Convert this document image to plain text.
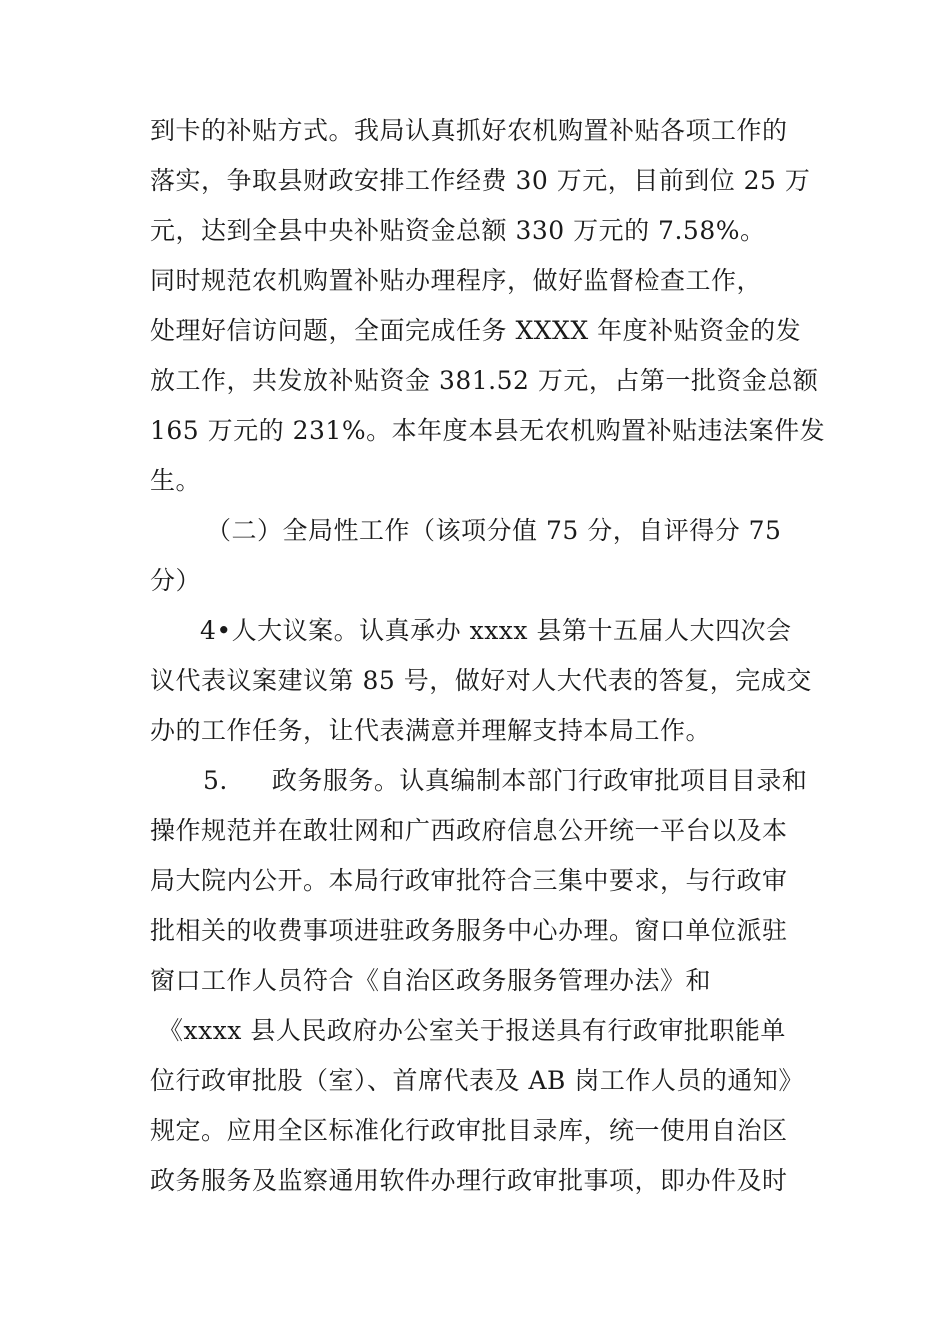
到卡的补贴方式。我局认真抓好农机购置补贴各项工作的
落实，争取县财政安排工作经费 30 万元，目前到位 25 万
元，达到全县中央补贴资金总额 330 万元的 7.58%。
同时规范农机购置补贴办理程序，做好监督检查工作，
处理好信访问题，全面完成任务 XXXX 年度补贴资金的发
放工作，共发放补贴资金 381.52 万元，占第一批资金总额
165 万元的 231%。本年度本县无农机购置补贴违法案件发
生。
（二）全局性工作（该项分值 75 分，自评得分 75
分）
4•人大议案。认真承办 xxxx 县第十五届人大四次会
议代表议案建议第 85 号，做好对人大代表的答复，完成交
办的工作任务，让代表满意并理解支持本局工作。
5. 政务服务。认真编制本部门行政审批项目目录和
操作规范并在敢壮网和广西政府信息公开统一平台以及本
局大院内公开。本局行政审批符合三集中要求，与行政审
批相关的收费事项进驻政务服务中心办理。窗口单位派驻
窗口工作人员符合《自治区政务服务管理办法》和
《xxxx 县人民政府办公室关于报送具有行政审批职能单
位行政审批股（室）、首席代表及 AB 岗工作人员的通知》
规定。应用全区标准化行政审批目录库，统一使用自治区
政务服务及监察通用软件办理行政审批事项，即办件及时
